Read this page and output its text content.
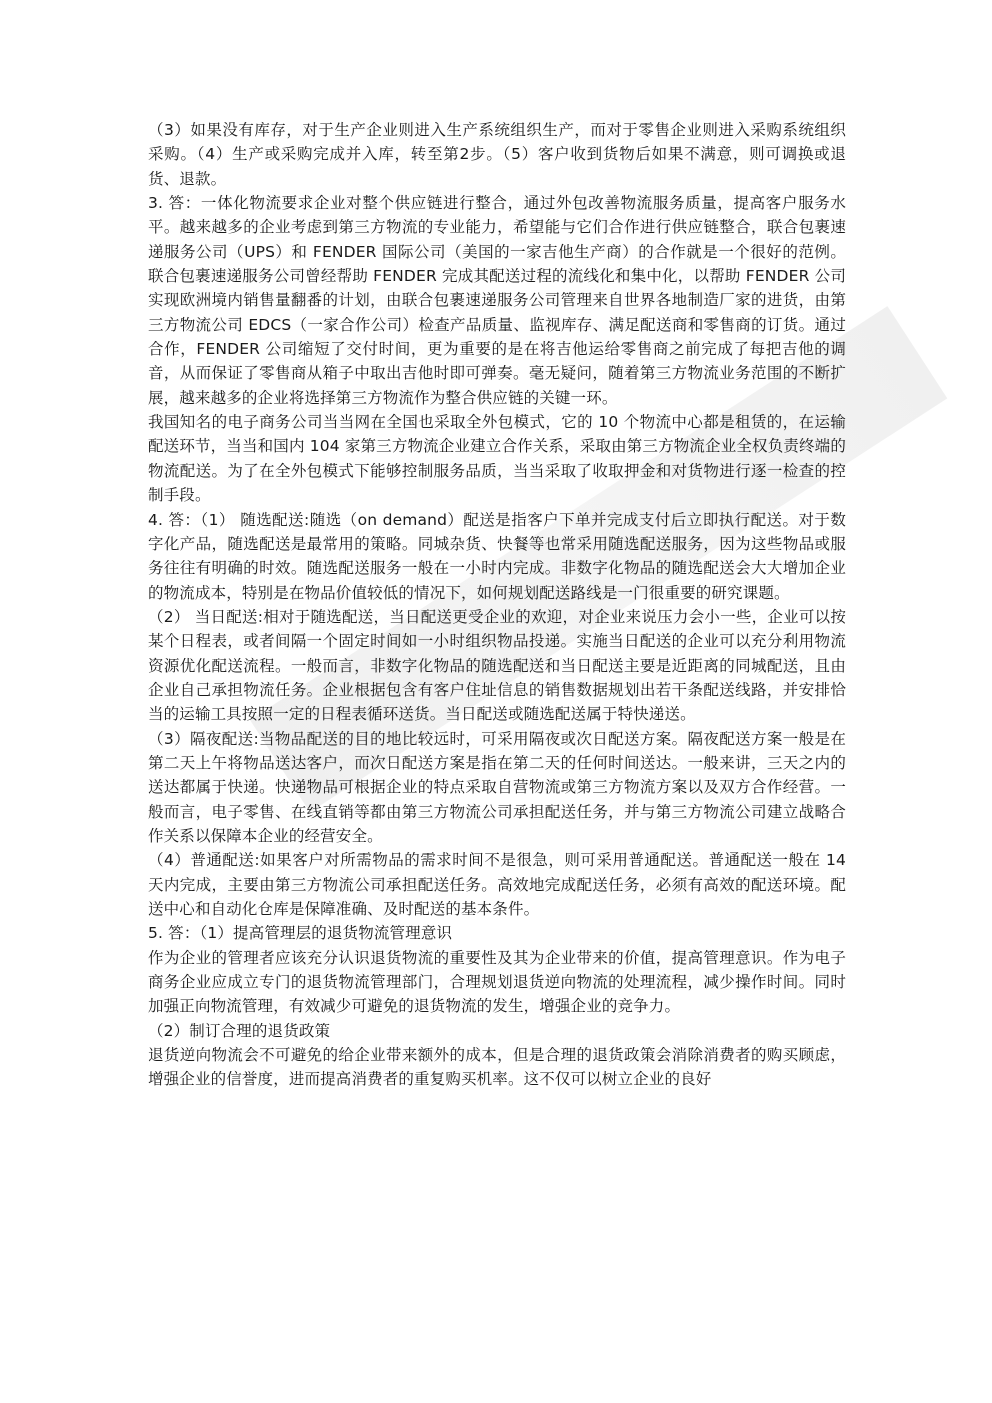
（3）如果没有库存，对于生产企业则进入生产系统组织生产，而对于零售企业则进入采购系统组织采购。（4）生产或采购完成并入库，转至第2步。（5）客户收到货物后如果不满意，则可调换或退货、退款。

3. 答：一体化物流要求企业对整个供应链进行整合，通过外包改善物流服务质量，提高客户服务水平。越来越多的企业考虑到第三方物流的专业能力，希望能与它们合作进行供应链整合，联合包裹速递服务公司（UPS）和 FENDER 国际公司（美国的一家吉他生产商）的合作就是一个很好的范例。联合包裹速递服务公司曾经帮助 FENDER 完成其配送过程的流线化和集中化，以帮助 FENDER 公司实现欧洲境内销售量翻番的计划，由联合包裹速递服务公司管理来自世界各地制造厂家的进货，由第三方物流公司 EDCS（一家合作公司）检查产品质量、监视库存、满足配送商和零售商的订货。通过合作，FENDER 公司缩短了交付时间，更为重要的是在将吉他运给零售商之前完成了每把吉他的调音，从而保证了零售商从箱子中取出吉他时即可弹奏。毫无疑问，随着第三方物流业务范围的不断扩展，越来越多的企业将选择第三方物流作为整合供应链的关键一环。

我国知名的电子商务公司当当网在全国也采取全外包模式，它的 10 个物流中心都是租赁的，在运输配送环节，当当和国内 104 家第三方物流企业建立合作关系，采取由第三方物流企业全权负责终端的物流配送。为了在全外包模式下能够控制服务品质，当当采取了收取押金和对货物进行逐一检查的控制手段。

4. 答：（1） 随选配送:随选（on demand）配送是指客户下单并完成支付后立即执行配送。对于数字化产品，随选配送是最常用的策略。同城杂货、快餐等也常采用随选配送服务，因为这些物品或服务往往有明确的时效。随选配送服务一般在一小时内完成。非数字化物品的随选配送会大大增加企业的物流成本，特别是在物品价值较低的情况下，如何规划配送路线是一门很重要的研究课题。

（2） 当日配送:相对于随选配送，当日配送更受企业的欢迎，对企业来说压力会小一些，企业可以按某个日程表，或者间隔一个固定时间如一小时组织物品投递。实施当日配送的企业可以充分利用物流资源优化配送流程。一般而言，非数字化物品的随选配送和当日配送主要是近距离的同城配送，且由企业自己承担物流任务。企业根据包含有客户住址信息的销售数据规划出若干条配送线路，并安排恰当的运输工具按照一定的日程表循环送货。当日配送或随选配送属于特快递送。

（3）隔夜配送:当物品配送的目的地比较远时，可采用隔夜或次日配送方案。隔夜配送方案一般是在第二天上午将物品送达客户，而次日配送方案是指在第二天的任何时间送达。一般来讲，三天之内的送达都属于快递。快递物品可根据企业的特点采取自营物流或第三方物流方案以及双方合作经营。一般而言，电子零售、在线直销等都由第三方物流公司承担配送任务，并与第三方物流公司建立战略合作关系以保障本企业的经营安全。

（4）普通配送:如果客户对所需物品的需求时间不是很急，则可采用普通配送。普通配送一般在 14 天内完成，主要由第三方物流公司承担配送任务。高效地完成配送任务，必须有高效的配送环境。配送中心和自动化仓库是保障准确、及时配送的基本条件。

5. 答：（1）提高管理层的退货物流管理意识

作为企业的管理者应该充分认识退货物流的重要性及其为企业带来的价值，提高管理意识。作为电子商务企业应成立专门的退货物流管理部门，合理规划退货逆向物流的处理流程，减少操作时间。同时加强正向物流管理，有效减少可避免的退货物流的发生，增强企业的竞争力。

（2）制订合理的退货政策

退货逆向物流会不可避免的给企业带来额外的成本，但是合理的退货政策会消除消费者的购买顾虑，增强企业的信誉度，进而提高消费者的重复购买机率。这不仅可以树立企业的良好
